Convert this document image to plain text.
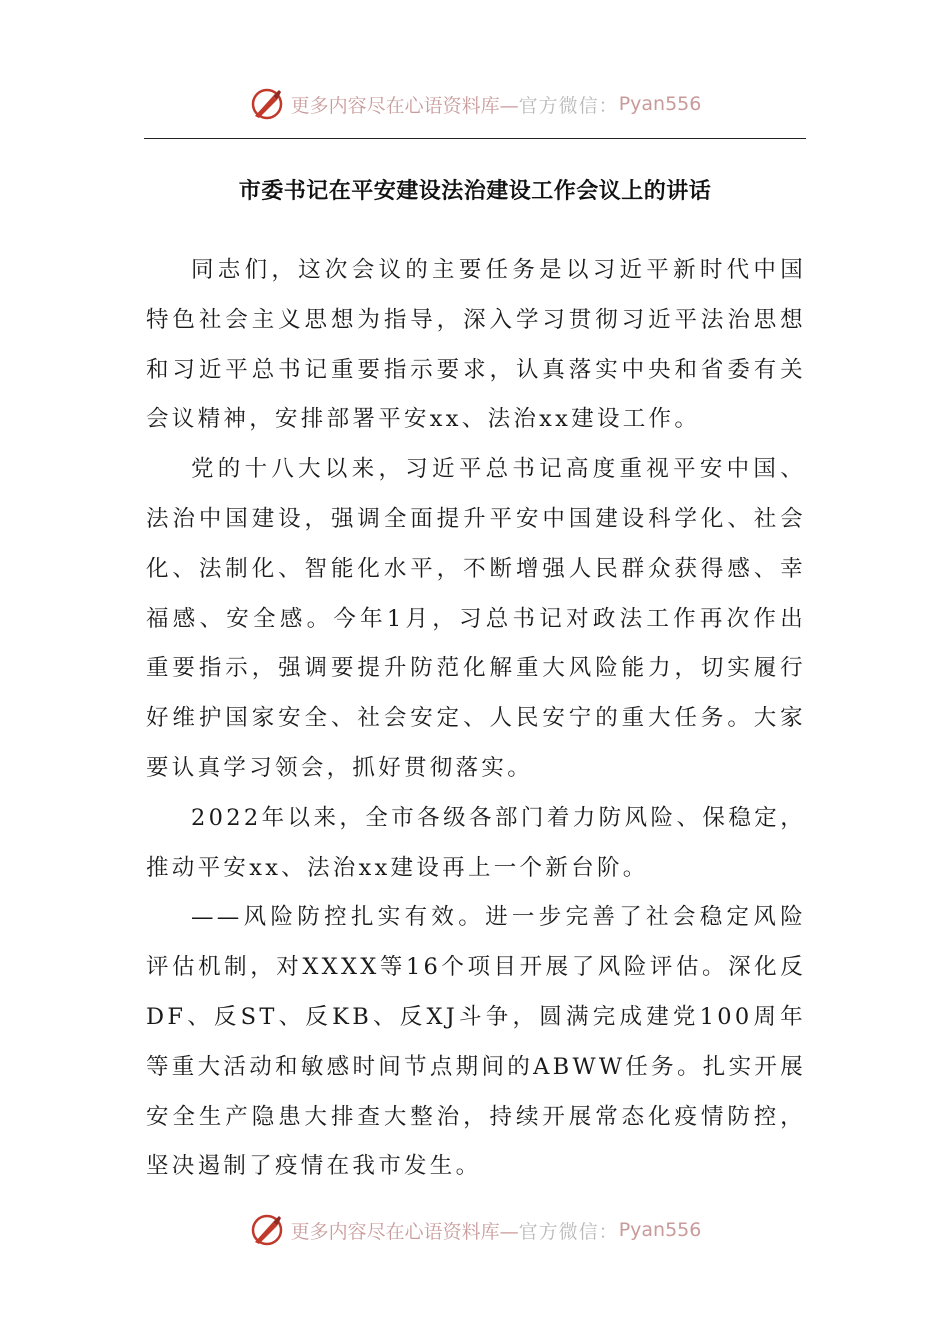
更多内容尽在心语资料库— 官方微信： Pyan556
市委书记在平安建设法治建设工作会议上的讲话

同志们，这次会议的主要任务是以习近平新时代中国特色社会主义思想为指导，深入学习贯彻习近平法治思想和习近平总书记重要指示要求，认真落实中央和省委有关会议精神，安排部署平安xx、法治xx建设工作。

党的十八大以来，习近平总书记高度重视平安中国、法治中国建设，强调全面提升平安中国建设科学化、社会化、法制化、智能化水平，不断增强人民群众获得感、幸福感、安全感。今年1月，习总书记对政法工作再次作出重要指示，强调要提升防范化解重大风险能力，切实履行好维护国家安全、社会安定、人民安宁的重大任务。大家要认真学习领会，抓好贯彻落实。

2022年以来，全市各级各部门着力防风险、保稳定，推动平安xx、法治xx建设再上一个新台阶。

——风险防控扎实有效。进一步完善了社会稳定风险评估机制，对XXXX等16个项目开展了风险评估。深化反DF、反ST、反KB、反XJ斗争，圆满完成建党100周年等重大活动和敏感时间节点期间的ABWW任务。扎实开展安全生产隐患大排查大整治，持续开展常态化疫情防控，坚决遏制了疫情在我市发生。

更多内容尽在心语资料库— 官方微信： Pyan556
